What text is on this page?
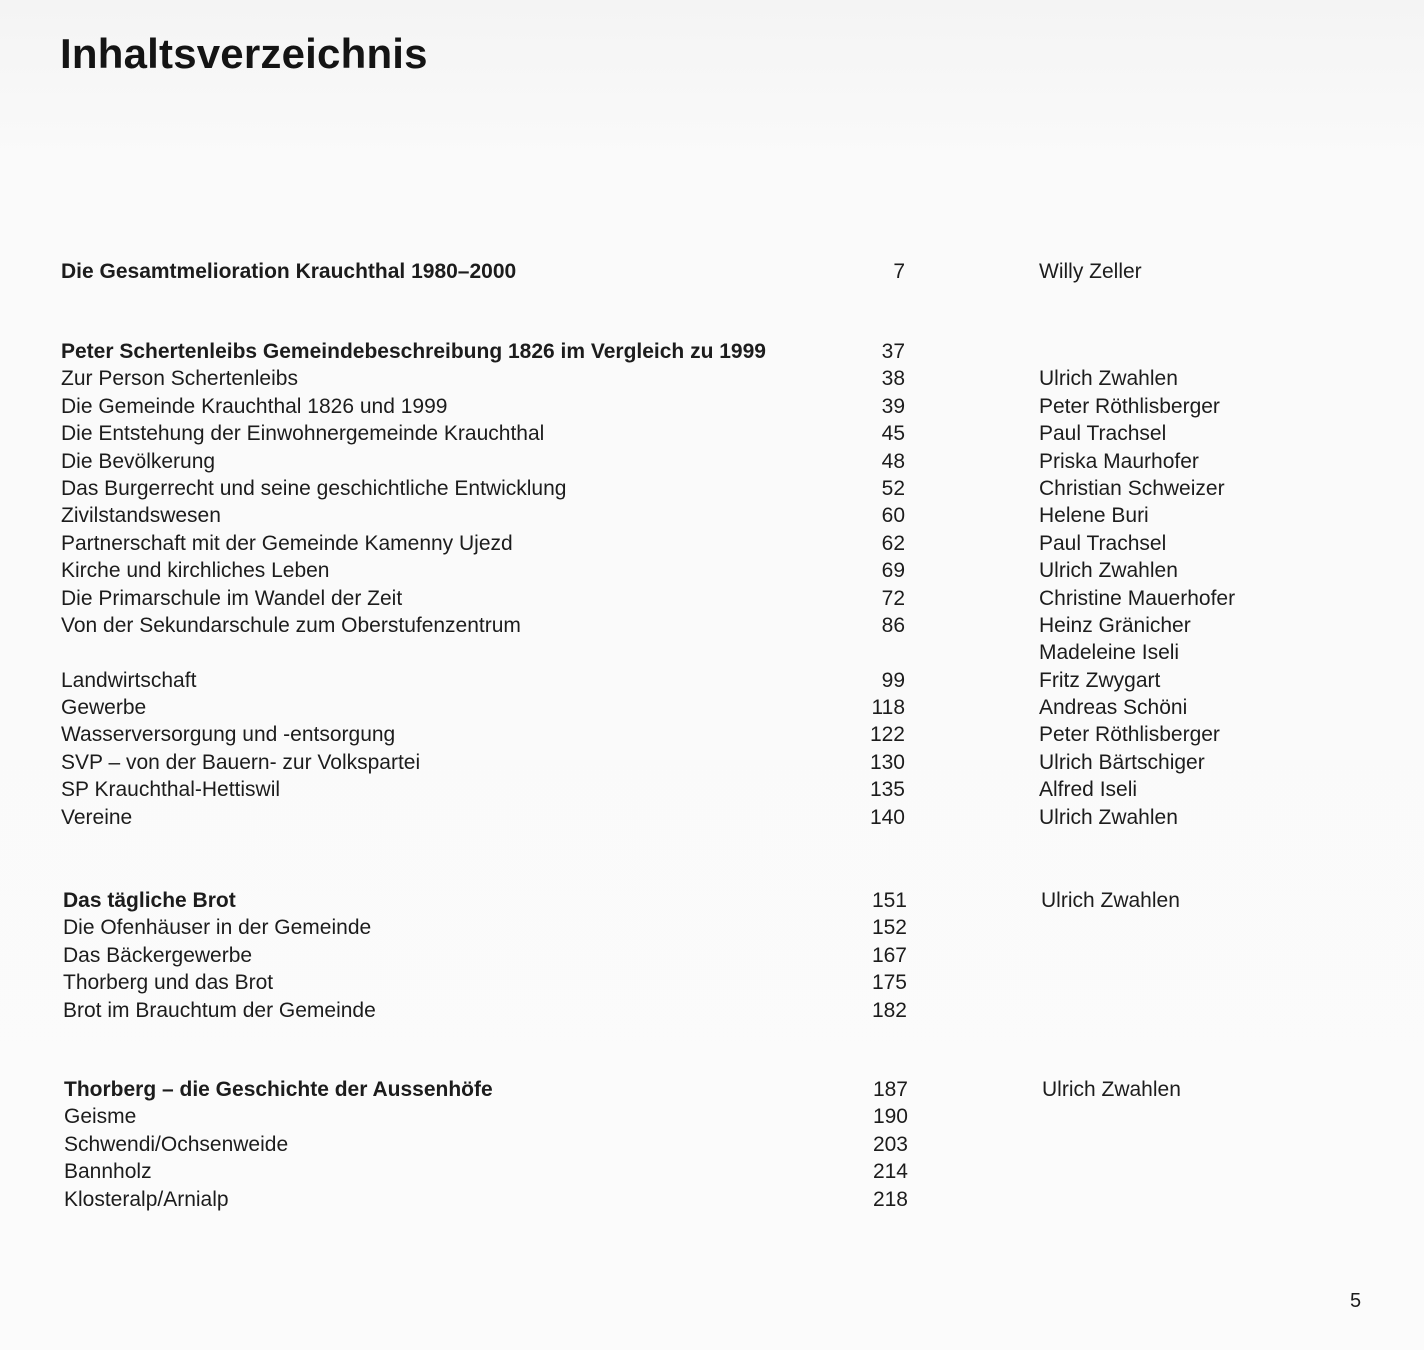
Inhaltsverzeichnis
Die Gesamtmelioration Krauchthal 1980–2000	7	Willy Zeller
Peter Schertenleibs Gemeindebeschreibung 1826 im Vergleich zu 1999	37
Zur Person Schertenleibs	38	Ulrich Zwahlen
Die Gemeinde Krauchthal 1826 und 1999	39	Peter Röthlisberger
Die Entstehung der Einwohnergemeinde Krauchthal	45	Paul Trachsel
Die Bevölkerung	48	Priska Maurhofer
Das Burgerrecht und seine geschichtliche Entwicklung	52	Christian Schweizer
Zivilstandswesen	60	Helene Buri
Partnerschaft mit der Gemeinde Kamenny Ujezd	62	Paul Trachsel
Kirche und kirchliches Leben	69	Ulrich Zwahlen
Die Primarschule im Wandel der Zeit	72	Christine Mauerhofer
Von der Sekundarschule zum Oberstufenzentrum	86	Heinz Gränicher
Madeleine Iseli
Landwirtschaft	99	Fritz Zwygart
Gewerbe	118	Andreas Schöni
Wasserversorgung und -entsorgung	122	Peter Röthlisberger
SVP – von der Bauern- zur Volkspartei	130	Ulrich Bärtschiger
SP Krauchthal-Hettiswil	135	Alfred Iseli
Vereine	140	Ulrich Zwahlen
Das tägliche Brot	151	Ulrich Zwahlen
Die Ofenhäuser in der Gemeinde	152
Das Bäckergewerbe	167
Thorberg und das Brot	175
Brot im Brauchtum der Gemeinde	182
Thorberg – die Geschichte der Aussenhöfe	187	Ulrich Zwahlen
Geisme	190
Schwendi/Ochsenweide	203
Bannholz	214
Klosteralp/Arnialp	218
5
